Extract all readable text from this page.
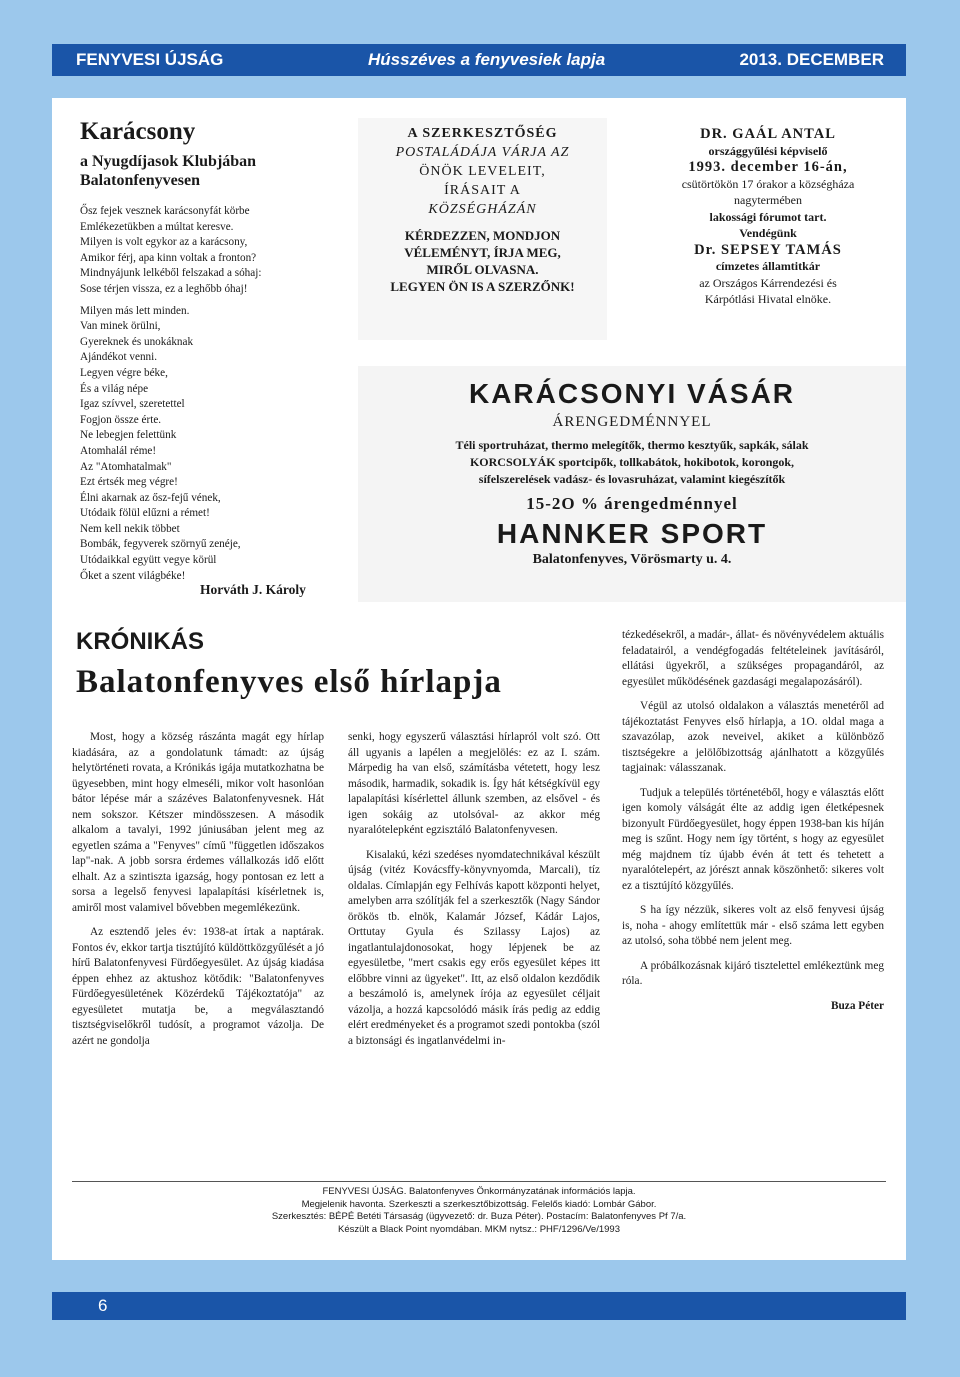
FENYVESI ÚJSÁG	Hússzéves a fenyvesiek lapja	2013. DECEMBER
Karácsony
a Nyugdíjasok Klubjában
Balatonfenyvesen

Ősz fejek vesznek karácsonyfát körbe
Emlékezetükben a múltat keresve.
Milyen is volt egykor az a karácsony,
Amikor férj, apa kinn voltak a fronton?
Mindnyájunk lelkéből felszakad a sóhaj:
Sose térjen vissza, ez a leghőbb óhaj!

Milyen más lett minden.
Van minek örülni,
Gyereknek és unokáknak
Ajándékot venni.
Legyen végre béke,
És a világ népe
Igaz szívvel, szeretettel
Fogjon össze érte.
Ne lebegjen felettünk
Atomhalál réme!
Az "Atomhatalmak"
Ezt értsék meg végre!
Élni akarnak az ősz-fejű vének,
Utódaik fölül elűzni a rémet!
Nem kell nekik többet
Bombák, fegyverek szörnyű zenéje,
Utódaikkal együtt vegye körül
Őket a szent világbéke!

Horváth J. Károly
A SZERKESZTŐSÉG
POSTALÁDÁJA VÁRJA AZ
ÖNÖK LEVELEIT,
ÍRÁSAIT A
KÖZSÉGHÁZÁN
KÉRDEZZEN, MONDJON
VÉLEMÉNYT, ÍRJA MEG,
MIRŐL OLVASNA.
LEGYEN ÖN IS A SZERZŐNK!
DR. GAÁL ANTAL
országgyűlési képviselő
1993. december 16-án,
csütörtökön 17 órakor a községháza
nagytermében
lakossági fórumot tart.
Vendégünk
Dr. SEPSEY TAMÁS
címzetes államtitkár
az Országos Kárrendezési és
Kárpótlási Hivatal elnöke.
KARÁCSONYI VÁSÁR
ÁRENGEDMÉNNYEL
Téli sportruházat, thermo melegítők, thermo kesztyűk, sapkák, sálak
KORCSOLYÁK sportcipők, tollkabátok, hokibotok, korongok,
sífelszerelések vadász- és lovasruházat, valamint kiegészítők
15-2O % árengedménnyel
HANNKER SPORT
Balatonfenyves, Vörösmarty u. 4.
KRÓNIKÁS
Balatonfenyves első hírlapja

Most, hogy a község rászánta magát egy hírlap kiadására, az a gondolatunk támadt: az újság helytörténeti rovata, a Krónikás igája mutatkozhatna be ügyesebben, mint hogy elmeséli, mikor volt hasonlóan bátor lépése már a százéves Balatonfenyvesnek. Hát nem sokszor. Kétszer mindösszesen. A második alkalom a tavalyi, 1992 júniusában jelent meg az egyetlen száma a "Fenyves" című "független időszakos lap"-nak. A jobb sorsra érdemes vállalkozás idő előtt elhalt. Az a szintiszta igazság, hogy pontosan ez lett a sorsa a legelső fenyvesi lapalapítási kísérletnek is, amiről most valamivel bővebben megemlékezünk.

Az esztendő jeles év: 1938-at írtak a naptárak. Fontos év, ekkor tartja tisztújító küldöttközgyűlését a jó hírű Balatonfenyvesi Fürdőegyesület. Az újság kiadása éppen ehhez az aktushoz kötődik: "Balatonfenyves Fürdőegyesületének Közérdekű Tájékoztatója" az egyesületet mutatja be, a megválasztandó tisztségviselőkről tudósít, a programot vázolja. De azért ne gondolja

senki, hogy egyszerű választási hírlapról volt szó. Ott áll ugyanis a lapélen a megjelölés: ez az I. szám. Márpedig ha van első, számításba vétetett, hogy lesz második, harmadik, sokadik is. Így hát kétségkívül egy lapalapítási kísérlettel állunk szemben, az elsővel - és igen sokáig az utolsóval- az akkor még nyaralótelepként egzisztáló Balatonfenyvesen.

Kisalakú, kézi szedéses nyomdatechnikával készült újság (vitéz Kovácsffy-könyvnyomda, Marcali), tíz oldalas. Címlapján egy Felhívás kapott központi helyet, amelyben arra szólítják fel a szerkesztők (Nagy Sándor örökös tb. elnök, Kalamár József, Kádár Lajos, Orttutay Gyula és Szilassy Lajos) az ingatlantulajdonosokat, hogy lépjenek be az egyesületbe, "mert csakis egy erős egyesület képes itt előbbre vinni az ügyeket". Itt, az első oldalon kezdődik a beszámoló is, amelynek írója az egyesület céljait vázolja, a hozzá kapcsolódó másik írás pedig az eddig elért eredményeket és a programot szedi pontokba (szól a biztonsági és ingatlanvédelmi in-

tézkedésekről, a madár-, állat- és növényvédelem aktuális feladatairól, a vendégfogadás feltételeinek javításáról, ellátási ügyekről, a szükséges propagandáról, az egyesület működésének gazdasági megalapozásáról).

Végül az utolsó oldalakon a választás menetéről ad tájékoztatást Fenyves első hírlapja, a 1O. oldal maga a szavazólap, azok neveivel, akiket a különböző tisztségekre a jelölőbizottság ajánlhatott a közgyűlés tagjainak: válasszanak.

Tudjuk a település történetéből, hogy e választás előtt igen komoly válságát élte az addig igen életképesnek bizonyult Fürdőegyesület, hogy éppen 1938-ban kis híján meg is szűnt. Hogy nem így történt, s hogy az egyesület még majdnem tíz újabb évén át tett és tehetett a nyaralótelepért, az jórészt annak köszönhető: sikeres volt ez a tisztújító közgyűlés.

S ha így nézzük, sikeres volt az első fenyvesi újság is, noha - ahogy említettük már - első száma lett egyben az utolsó, soha többé nem jelent meg.

A próbálkozásnak kijáró tisztelettel emlékeztünk meg róla.

Buza Péter
FENYVESI ÚJSÁG. Balatonfenyves Önkormányzatának információs lapja.
Megjelenik havonta. Szerkeszti a szerkesztőbizottság. Felelős kiadó: Lombár Gábor.
Szerkesztés: BÉPÉ Betéti Társaság (ügyvezető: dr. Buza Péter). Postacím: Balatonfenyves Pf 7/a.
Készült a Black Point nyomdában. MKM nytsz.: PHF/1296/Ve/1993
6
